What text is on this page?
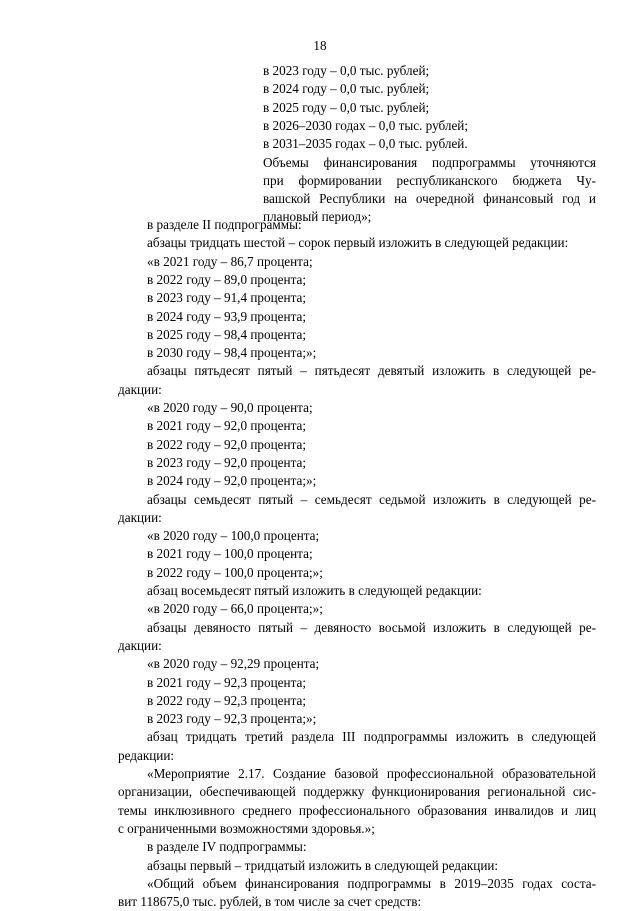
18
в 2023 году – 0,0 тыс. рублей;
в 2024 году – 0,0 тыс. рублей;
в 2025 году – 0,0 тыс. рублей;
в 2026–2030 годах – 0,0 тыс. рублей;
в 2031–2035 годах – 0,0 тыс. рублей.
Объемы финансирования подпрограммы уточняются
при формировании республиканского бюджета Чу-
вашской Республики на очередной финансовый год и
плановый период»;
в разделе II подпрограммы:
абзацы тридцать шестой – сорок первый изложить в следующей редакции:
«в 2021 году – 86,7 процента;
в 2022 году – 89,0 процента;
в 2023 году – 91,4 процента;
в 2024 году – 93,9 процента;
в 2025 году – 98,4 процента;
в 2030 году – 98,4 процента;»;
абзацы пятьдесят пятый – пятьдесят девятый изложить в следующей ре-
дакции:
«в 2020 году – 90,0 процента;
в 2021 году – 92,0 процента;
в 2022 году – 92,0 процента;
в 2023 году – 92,0 процента;
в 2024 году – 92,0 процента;»;
абзацы семьдесят пятый – семьдесят седьмой изложить в следующей ре-
дакции:
«в 2020 году – 100,0 процента;
в 2021 году – 100,0 процента;
в 2022 году – 100,0 процента;»;
абзац восемьдесят пятый изложить в следующей редакции:
«в 2020 году – 66,0 процента;»;
абзацы девяносто пятый – девяносто восьмой изложить в следующей ре-
дакции:
«в 2020 году – 92,29 процента;
в 2021 году – 92,3 процента;
в 2022 году – 92,3 процента;
в 2023 году – 92,3 процента;»;
абзац тридцать третий раздела III подпрограммы изложить в следующей
редакции:
«Мероприятие 2.17. Создание базовой профессиональной образовательной
организации, обеспечивающей поддержку функционирования региональной сис-
темы инклюзивного среднего профессионального образования инвалидов и лиц
с ограниченными возможностями здоровья.»;
в разделе IV подпрограммы:
абзацы первый – тридцатый изложить в следующей редакции:
«Общий объем финансирования подпрограммы в 2019–2035 годах соста-
вит 118675,0 тыс. рублей, в том числе за счет средств:
